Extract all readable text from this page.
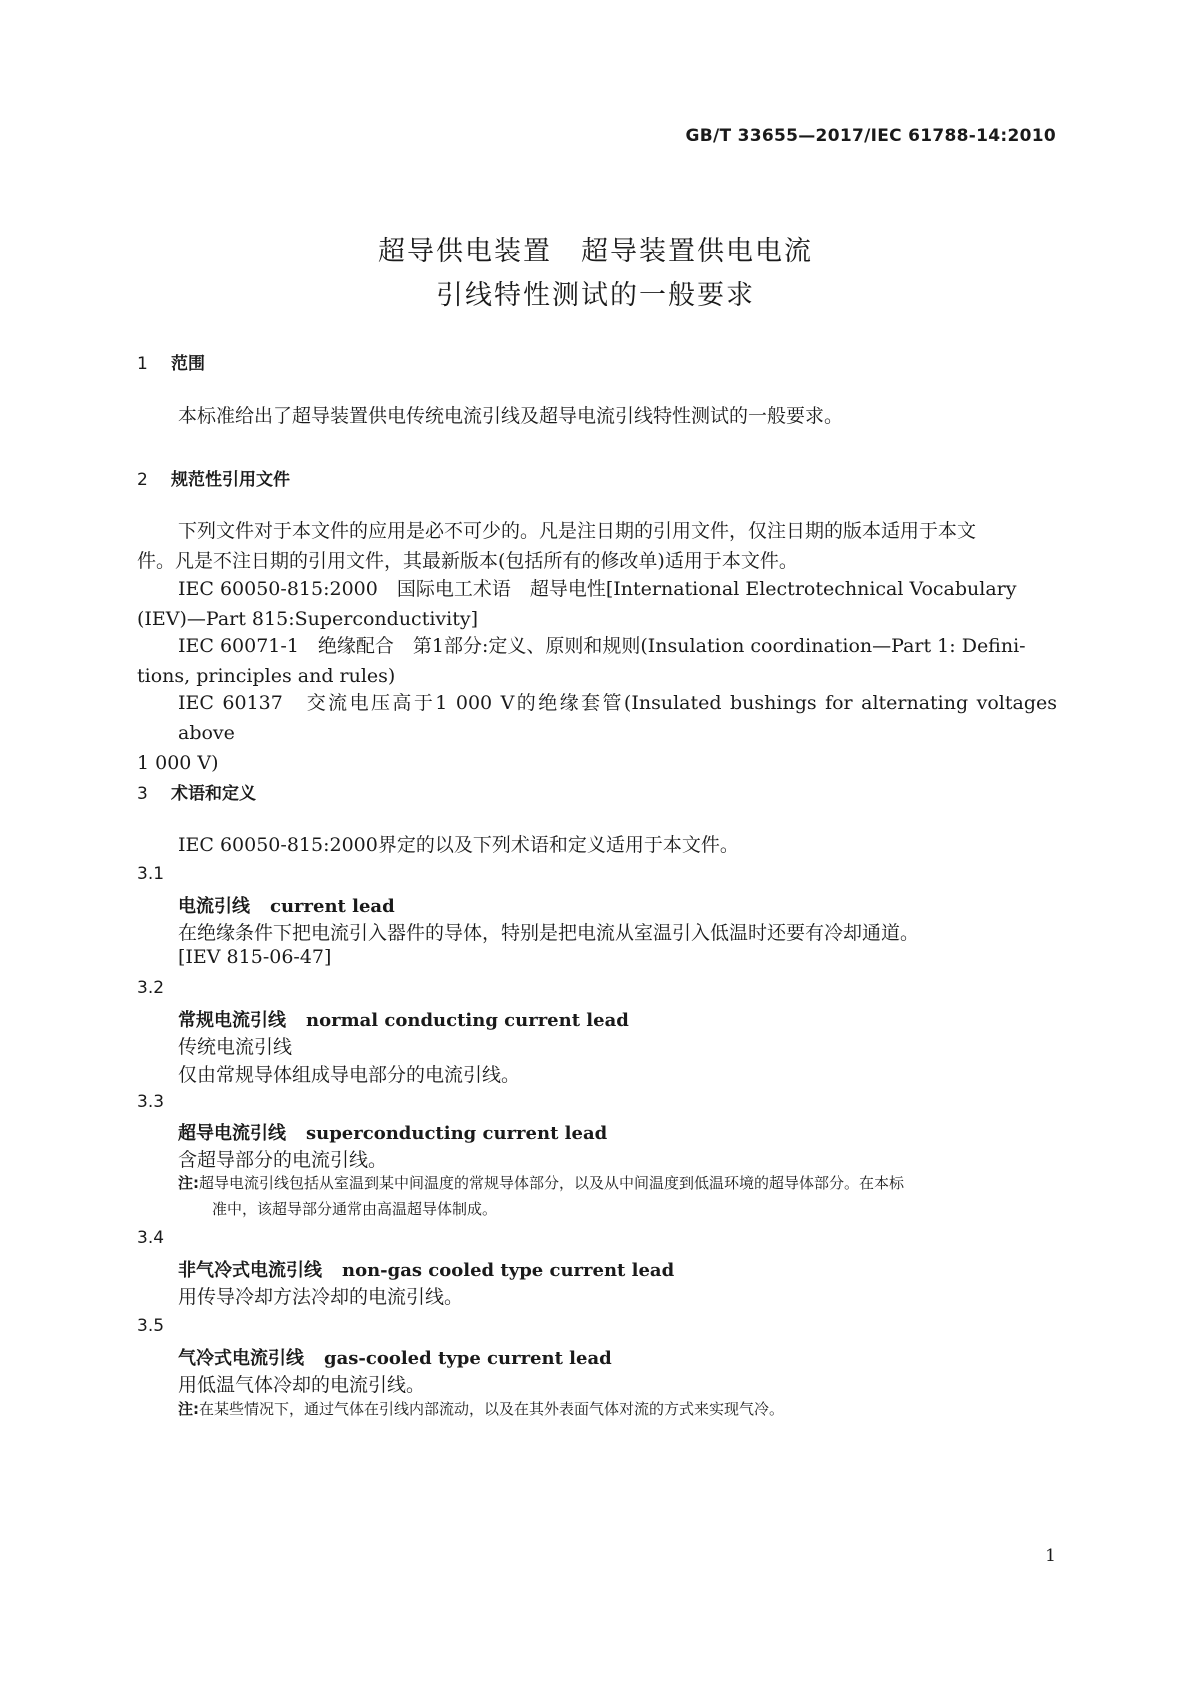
GB/T 33655—2017/IEC 61788-14:2010
超导供电装置　超导装置供电电流
引线特性测试的一般要求
1 范围
本标准给出了超导装置供电传统电流引线及超导电流引线特性测试的一般要求。
2 规范性引用文件
下列文件对于本文件的应用是必不可少的。凡是注日期的引用文件，仅注日期的版本适用于本文
件。凡是不注日期的引用文件，其最新版本(包括所有的修改单)适用于本文件。
IEC 60050-815:2000　国际电工术语　超导电性[International Electrotechnical Vocabulary
(IEV)—Part 815:Superconductivity]
IEC 60071-1　绝缘配合　第1部分:定义、原则和规则(Insulation coordination—Part 1: Defini-
tions, principles and rules)
IEC 60137　交流电压高于1 000 V的绝缘套管(Insulated bushings for alternating voltages above
1 000 V)
3 术语和定义
IEC 60050-815:2000界定的以及下列术语和定义适用于本文件。
3.1
电流引线 current lead
在绝缘条件下把电流引入器件的导体，特别是把电流从室温引入低温时还要有冷却通道。
[IEV 815-06-47]
3.2
常规电流引线 normal conducting current lead
传统电流引线
仅由常规导体组成导电部分的电流引线。
3.3
超导电流引线 superconducting current lead
含超导部分的电流引线。
注:超导电流引线包括从室温到某中间温度的常规导体部分，以及从中间温度到低温环境的超导体部分。在本标
准中，该超导部分通常由高温超导体制成。
3.4
非气冷式电流引线 non-gas cooled type current lead
用传导冷却方法冷却的电流引线。
3.5
气冷式电流引线 gas-cooled type current lead
用低温气体冷却的电流引线。
注:在某些情况下，通过气体在引线内部流动，以及在其外表面气体对流的方式来实现气冷。
1
